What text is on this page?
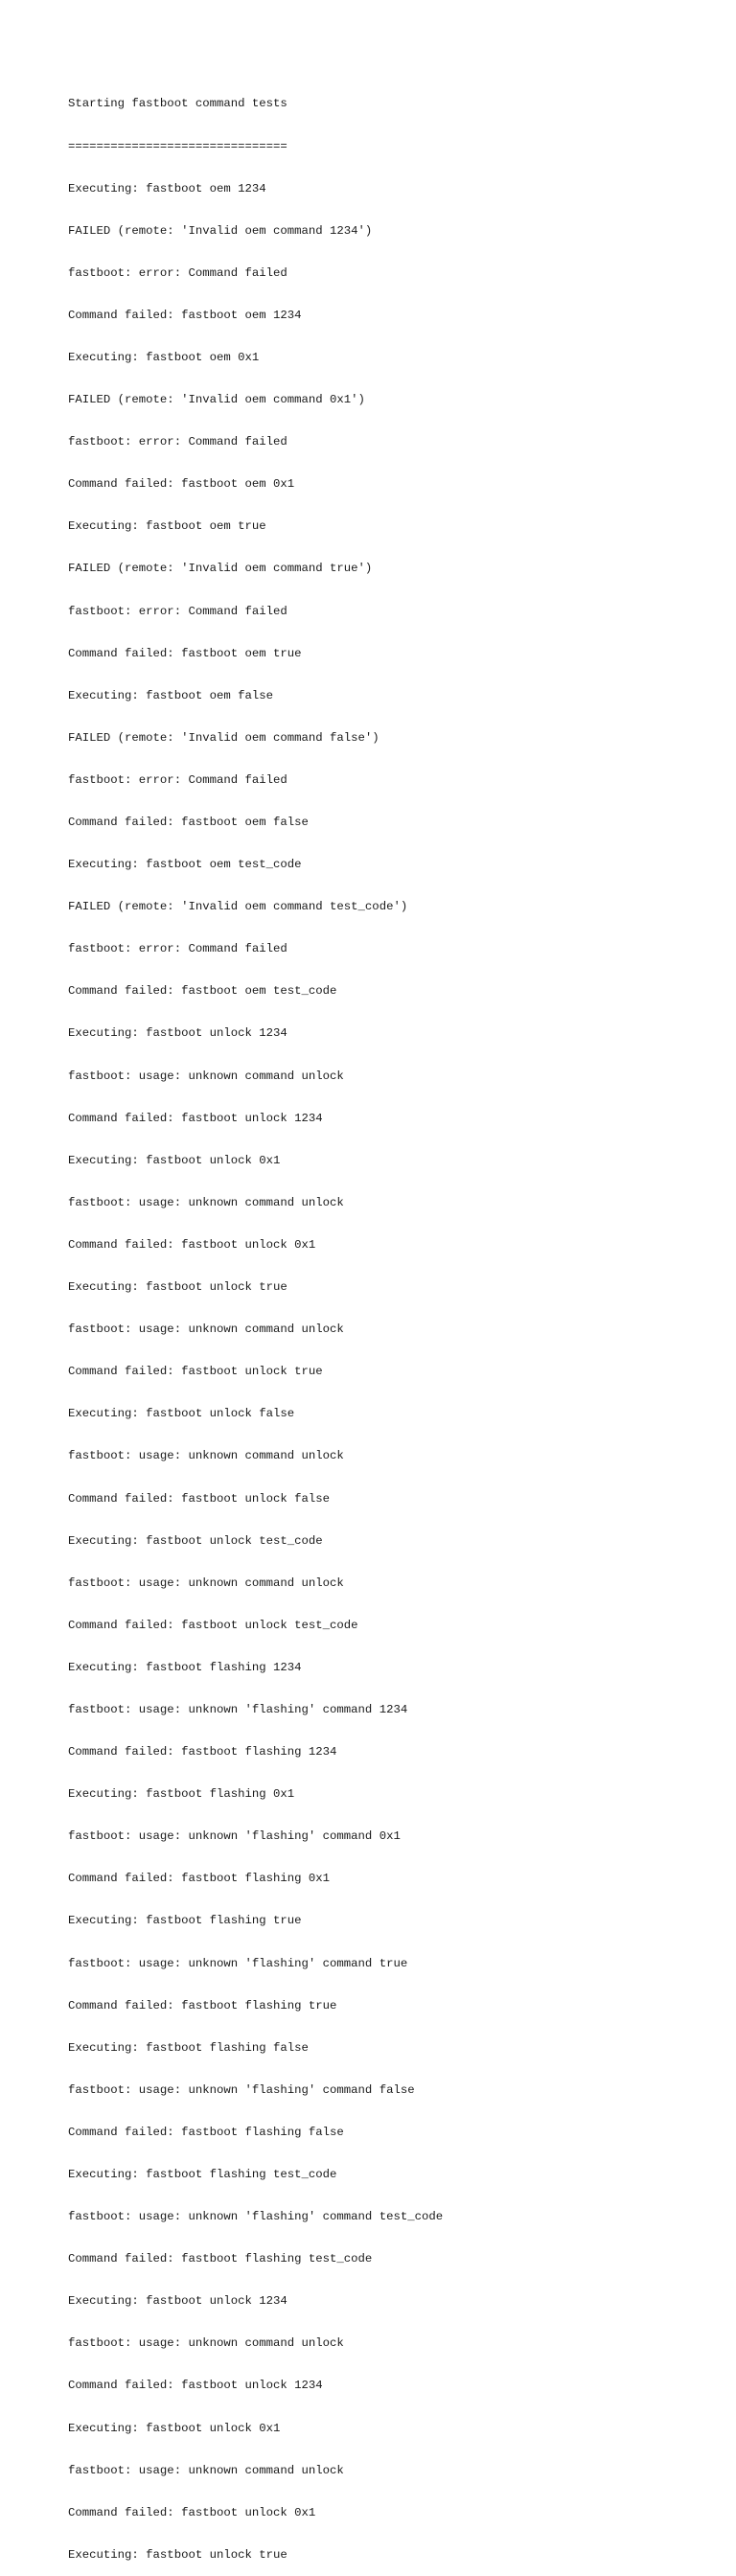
Starting fastboot command tests

===============================

Executing: fastboot oem 1234

FAILED (remote: 'Invalid oem command 1234')

fastboot: error: Command failed

Command failed: fastboot oem 1234

Executing: fastboot oem 0x1

FAILED (remote: 'Invalid oem command 0x1')

fastboot: error: Command failed

Command failed: fastboot oem 0x1

Executing: fastboot oem true

FAILED (remote: 'Invalid oem command true')

fastboot: error: Command failed

Command failed: fastboot oem true

Executing: fastboot oem false

FAILED (remote: 'Invalid oem command false')

fastboot: error: Command failed

Command failed: fastboot oem false

Executing: fastboot oem test_code

FAILED (remote: 'Invalid oem command test_code')

fastboot: error: Command failed

Command failed: fastboot oem test_code

Executing: fastboot unlock 1234

fastboot: usage: unknown command unlock

Command failed: fastboot unlock 1234

Executing: fastboot unlock 0x1

fastboot: usage: unknown command unlock

Command failed: fastboot unlock 0x1

Executing: fastboot unlock true

fastboot: usage: unknown command unlock

Command failed: fastboot unlock true

Executing: fastboot unlock false

fastboot: usage: unknown command unlock

Command failed: fastboot unlock false

Executing: fastboot unlock test_code

fastboot: usage: unknown command unlock

Command failed: fastboot unlock test_code

Executing: fastboot flashing 1234

fastboot: usage: unknown 'flashing' command 1234

Command failed: fastboot flashing 1234

Executing: fastboot flashing 0x1

fastboot: usage: unknown 'flashing' command 0x1

Command failed: fastboot flashing 0x1

Executing: fastboot flashing true

fastboot: usage: unknown 'flashing' command true

Command failed: fastboot flashing true

Executing: fastboot flashing false

fastboot: usage: unknown 'flashing' command false

Command failed: fastboot flashing false

Executing: fastboot flashing test_code

fastboot: usage: unknown 'flashing' command test_code

Command failed: fastboot flashing test_code

Executing: fastboot unlock 1234

fastboot: usage: unknown command unlock

Command failed: fastboot unlock 1234

Executing: fastboot unlock 0x1

fastboot: usage: unknown command unlock

Command failed: fastboot unlock 0x1

Executing: fastboot unlock true
